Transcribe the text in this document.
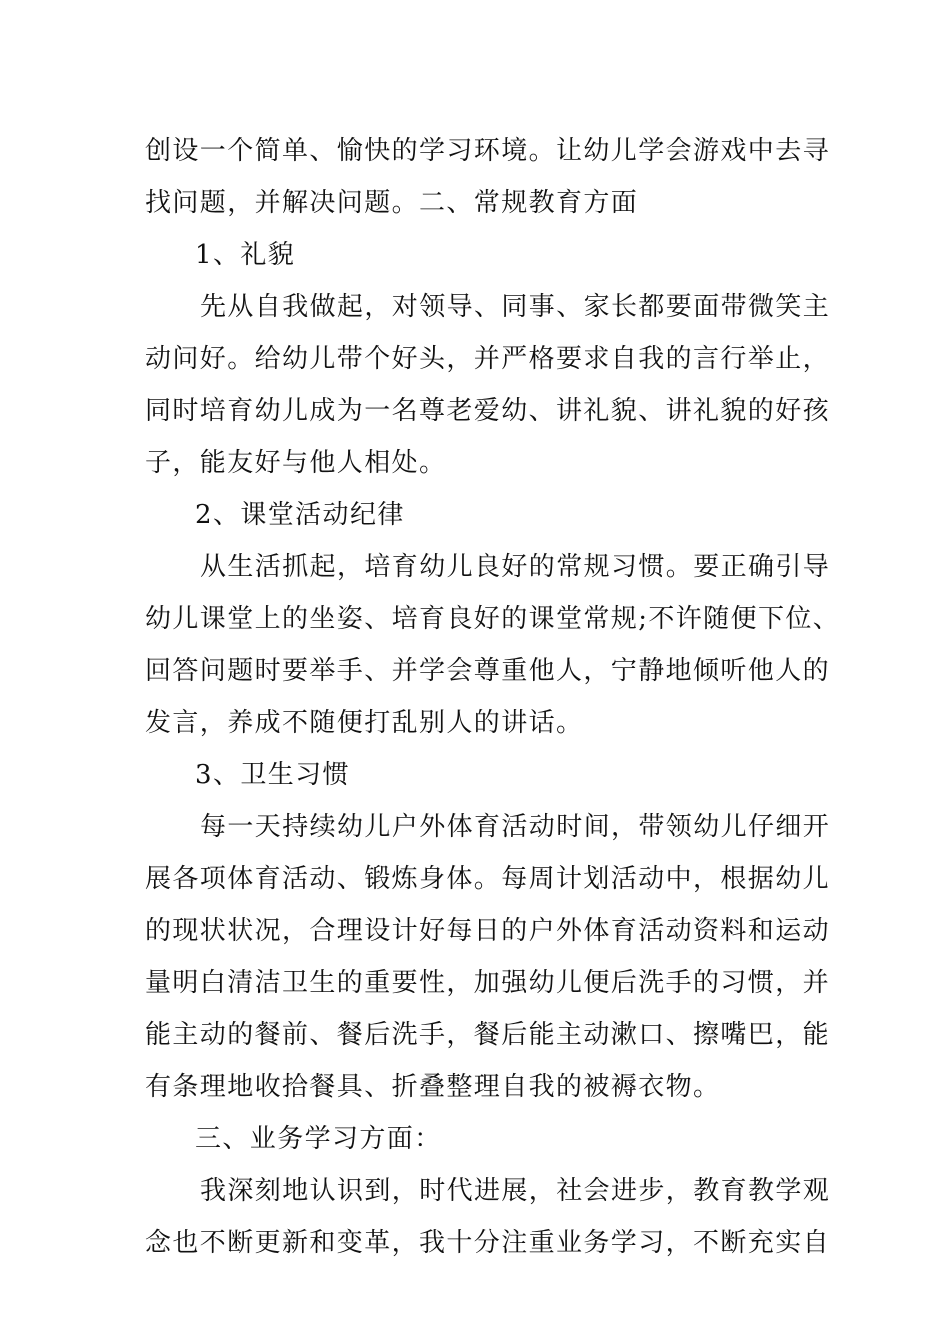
创设一个简单、愉快的学习环境。让幼儿学会游戏中去寻
找问题，并解决问题。二、常规教育方面
1、礼貌
先从自我做起，对领导、同事、家长都要面带微笑主
动问好。给幼儿带个好头，并严格要求自我的言行举止，
同时培育幼儿成为一名尊老爱幼、讲礼貌、讲礼貌的好孩
子，能友好与他人相处。
2、课堂活动纪律
从生活抓起，培育幼儿良好的常规习惯。要正确引导
幼儿课堂上的坐姿、培育良好的课堂常规;不许随便下位、
回答问题时要举手、并学会尊重他人，宁静地倾听他人的
发言，养成不随便打乱别人的讲话。
3、卫生习惯
每一天持续幼儿户外体育活动时间，带领幼儿仔细开
展各项体育活动、锻炼身体。每周计划活动中，根据幼儿
的现状状况，合理设计好每日的户外体育活动资料和运动
量明白清洁卫生的重要性，加强幼儿便后洗手的习惯，并
能主动的餐前、餐后洗手，餐后能主动漱口、擦嘴巴，能
有条理地收拾餐具、折叠整理自我的被褥衣物。
三、业务学习方面：
我深刻地认识到，时代进展，社会进步，教育教学观
念也不断更新和变革，我十分注重业务学习，不断充实自
